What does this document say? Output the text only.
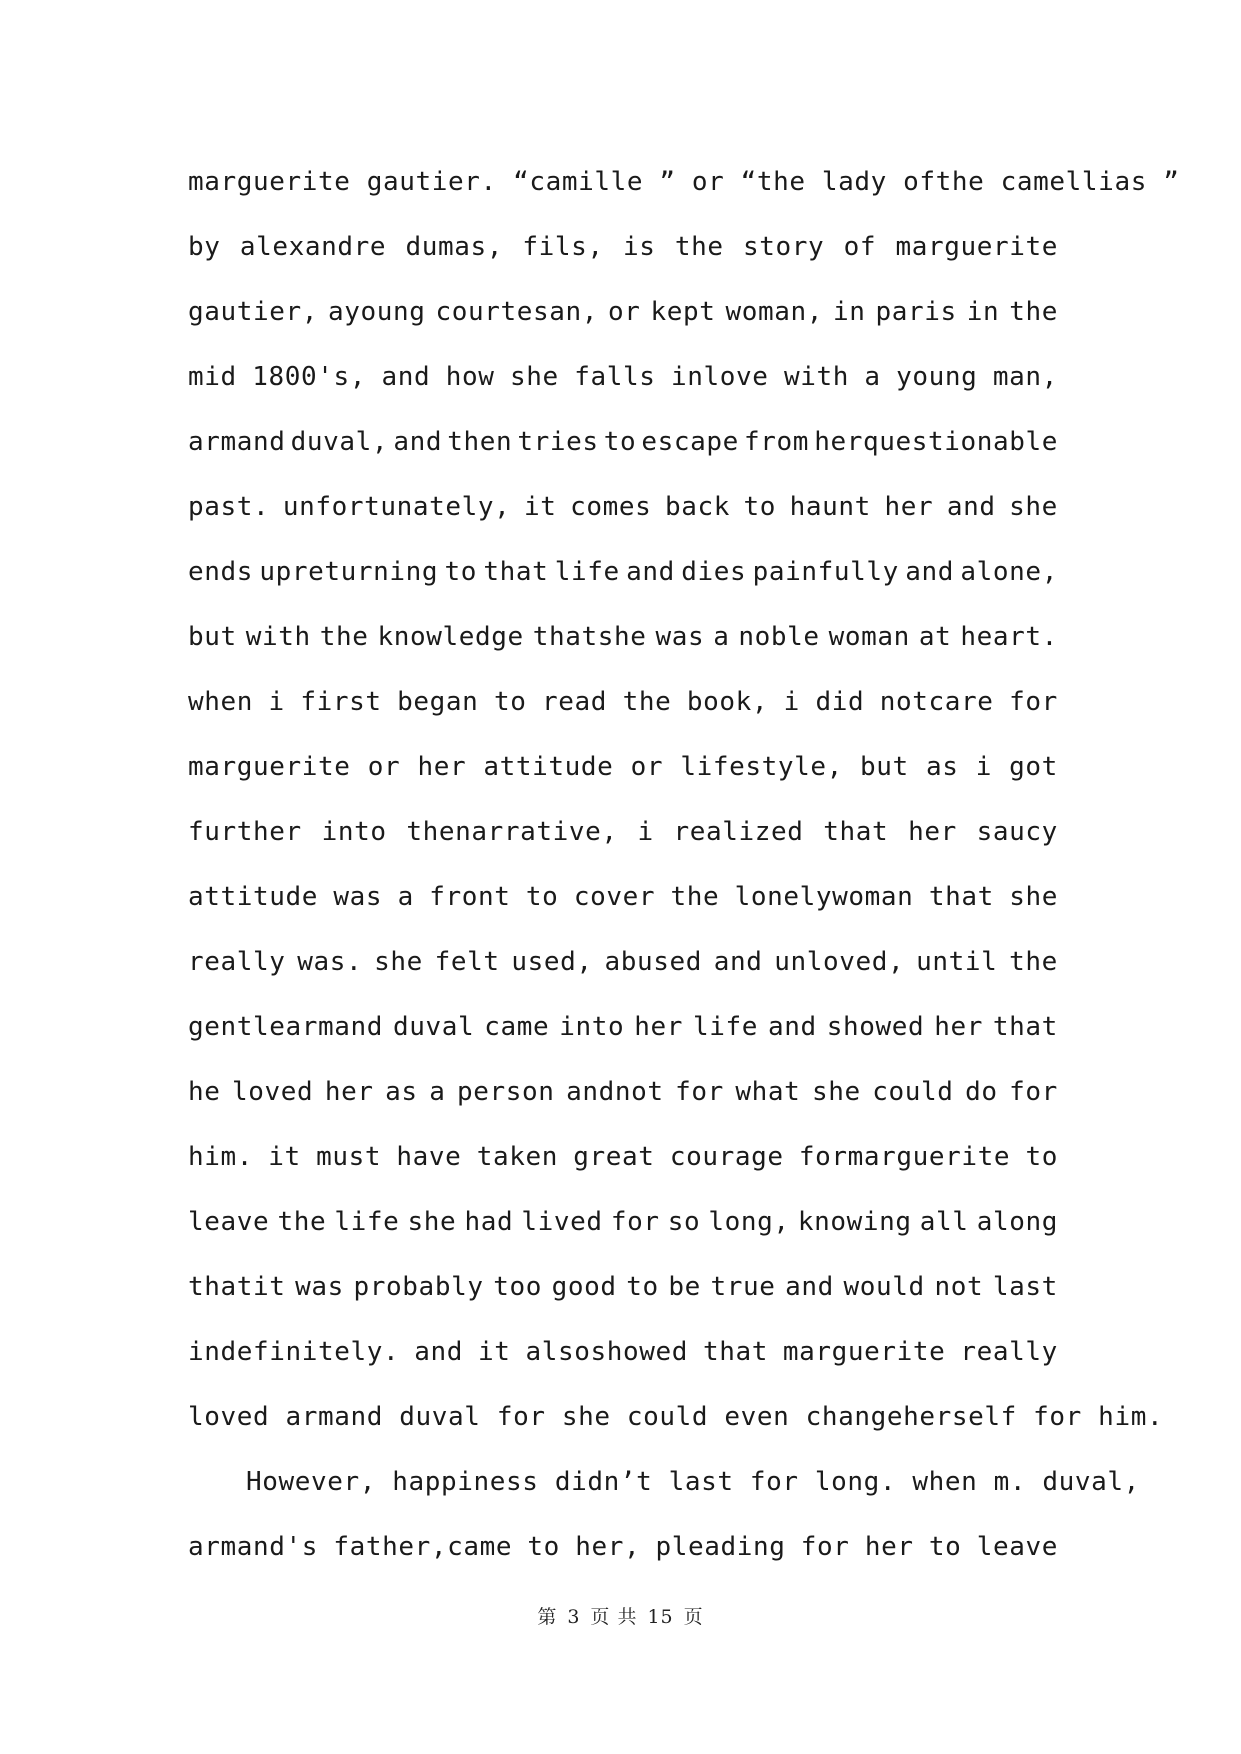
marguerite gautier. “camille ” or “the lady ofthe camellias ”
by alexandre dumas, fils, is the story of marguerite
gautier, ayoung courtesan, or kept woman, in paris in the
mid 1800's, and how she falls inlove with a young man,
armand duval, and then tries to escape from herquestionable
past. unfortunately, it comes back to haunt her and she
ends upreturning to that life and dies painfully and alone,
but with the knowledge thatshe was a noble woman at heart.
when i first began to read the book, i did notcare for
marguerite or her attitude or lifestyle, but as i got
further into thenarrative, i realized that her saucy
attitude was a front to cover the lonelywoman that she
really was. she felt used, abused and unloved, until the
gentlearmand duval came into her life and showed her that
he loved her as a person andnot for what she could do for
him. it must have taken great courage formarguerite to
leave the life she had lived for so long, knowing all along
thatit was probably too good to be true and would not last
indefinitely. and it alsoshowed that marguerite really
loved armand duval for she could even changeherself for him.
However, happiness didn’t last for long. when m. duval,
armand's father,came to her, pleading for her to leave
第 3 页 共 15 页
